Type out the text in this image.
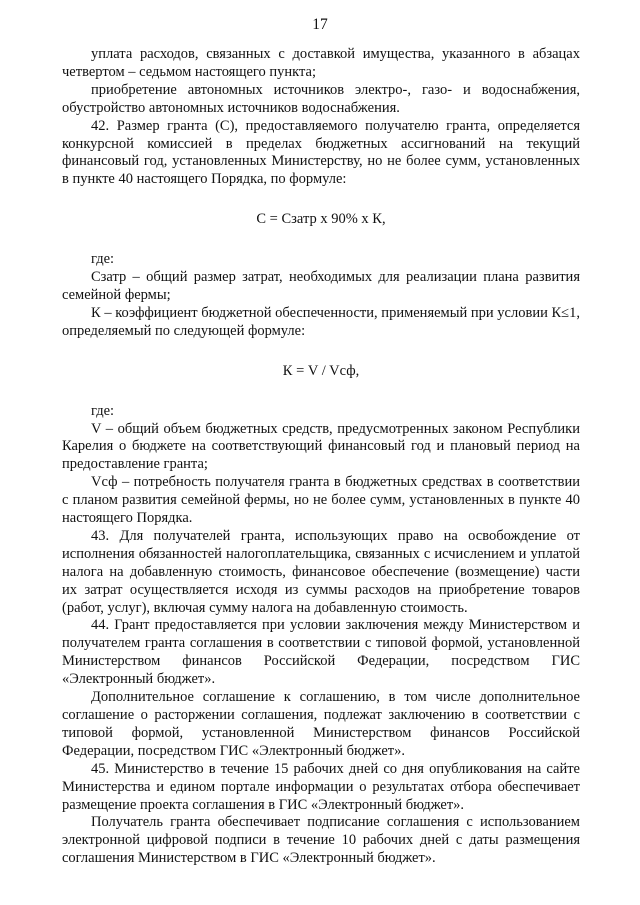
17

уплата расходов, связанных с доставкой имущества, указанного в абзацах четвертом – седьмом настоящего пункта;

приобретение автономных источников электро-, газо- и водоснабжения, обустройство автономных источников водоснабжения.

42. Размер гранта (С), предоставляемого получателю гранта, определяется конкурсной комиссией в пределах бюджетных ассигнований на текущий финансовый год, установленных Министерству, но не более сумм, установленных в пункте 40 настоящего Порядка, по формуле:

С = Сзатр х 90% х К,

где:

Сзатр – общий размер затрат, необходимых для реализации плана развития семейной фермы;

К – коэффициент бюджетной обеспеченности, применяемый при условии К≤1, определяемый по следующей формуле:

К = V / Vсф,

где:

V – общий объем бюджетных средств, предусмотренных законом Республики Карелия о бюджете на соответствующий финансовый год и плановый период на предоставление гранта;

Vсф – потребность получателя гранта в бюджетных средствах в соответствии с планом развития семейной фермы, но не более сумм, установленных в пункте 40 настоящего Порядка.

43. Для получателей гранта, использующих право на освобождение от исполнения обязанностей налогоплательщика, связанных с исчислением и уплатой налога на добавленную стоимость, финансовое обеспечение (возмещение) части их затрат осуществляется исходя из суммы расходов на приобретение товаров (работ, услуг), включая сумму налога на добавленную стоимость.

44. Грант предоставляется при условии заключения между Министерством и получателем гранта соглашения в соответствии с типовой формой, установленной Министерством финансов Российской Федерации, посредством ГИС «Электронный бюджет».

Дополнительное соглашение к соглашению, в том числе дополнительное соглашение о расторжении соглашения, подлежат заключению в соответствии с типовой формой, установленной Министерством финансов Российской Федерации, посредством ГИС «Электронный бюджет».

45. Министерство в течение 15 рабочих дней со дня опубликования на сайте Министерства и едином портале информации о результатах отбора обеспечивает размещение проекта соглашения в ГИС «Электронный бюджет».

Получатель гранта обеспечивает подписание соглашения с использованием электронной цифровой подписи в течение 10 рабочих дней с даты размещения соглашения Министерством в ГИС «Электронный бюджет».
